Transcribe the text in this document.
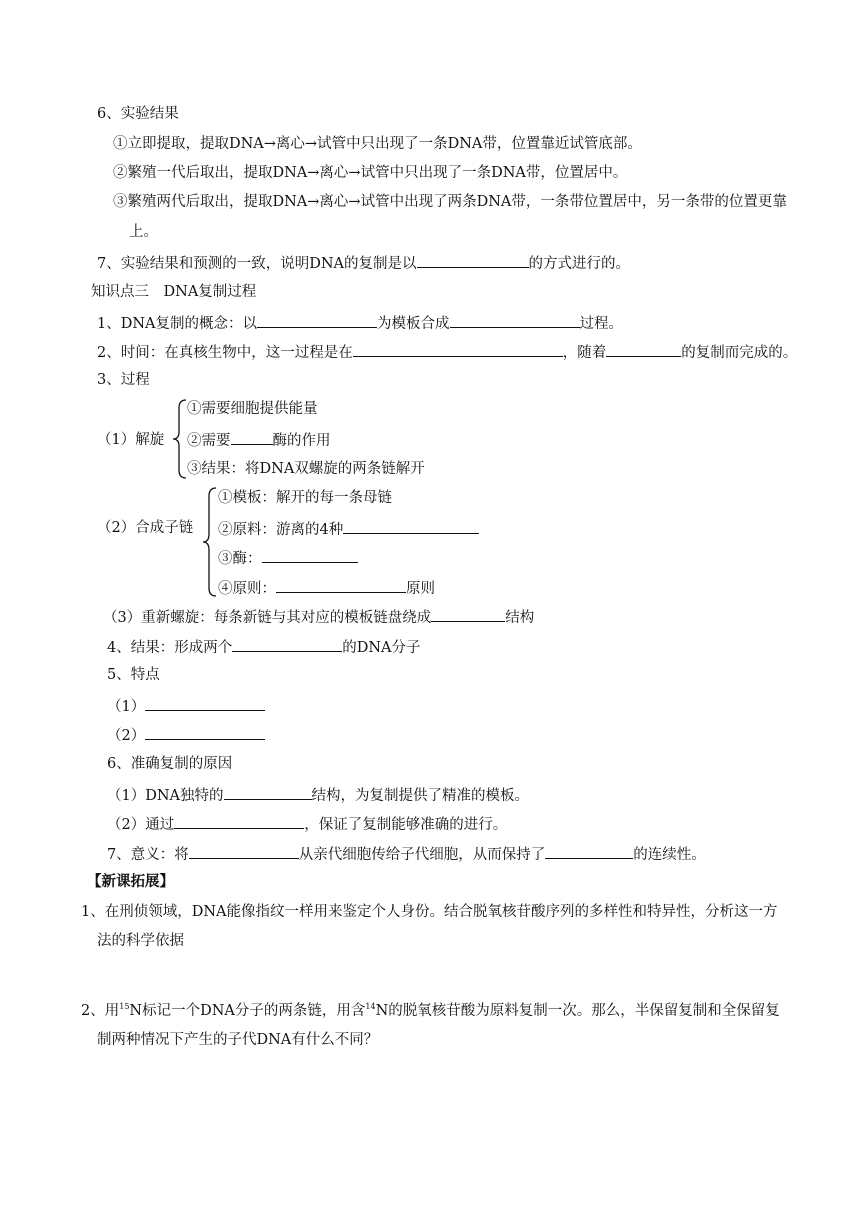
6、实验结果
①立即提取，提取DNA→离心→试管中只出现了一条DNA带，位置靠近试管底部。
②繁殖一代后取出，提取DNA→离心→试管中只出现了一条DNA带，位置居中。
③繁殖两代后取出，提取DNA→离心→试管中出现了两条DNA带，一条带位置居中，另一条带的位置更靠
上。
7、实验结果和预测的一致，说明DNA的复制是以	的方式进行的。
知识点三　DNA复制过程
1、DNA复制的概念：以	为模板合成	过程。
2、时间：在真核生物中，这一过程是在	，随着	的复制而完成的。
3、过程
（1）解旋
①需要细胞提供能量
②需要	酶的作用
③结果：将DNA双螺旋的两条链解开
（2）合成子链
①模板：解开的每一条母链
②原料：游离的4种
③酶：
④原则：	原则
（3）重新螺旋：每条新链与其对应的模板链盘绕成	结构
4、结果：形成两个	的DNA分子
5、特点
（1）
（2）
6、准确复制的原因
（1）DNA独特的	结构，为复制提供了精准的模板。
（2）通过	，保证了复制能够准确的进行。
7、意义：将	从亲代细胞传给子代细胞，从而保持了	的连续性。
【新课拓展】
1、在刑侦领域，DNA能像指纹一样用来鉴定个人身份。结合脱氧核苷酸序列的多样性和特异性，分析这一方
法的科学依据
2、用$^{15}$N标记一个DNA分子的两条链，用含$^{14}$N的脱氧核苷酸为原料复制一次。那么，半保留复制和全保留复
制两种情况下产生的子代DNA有什么不同？
